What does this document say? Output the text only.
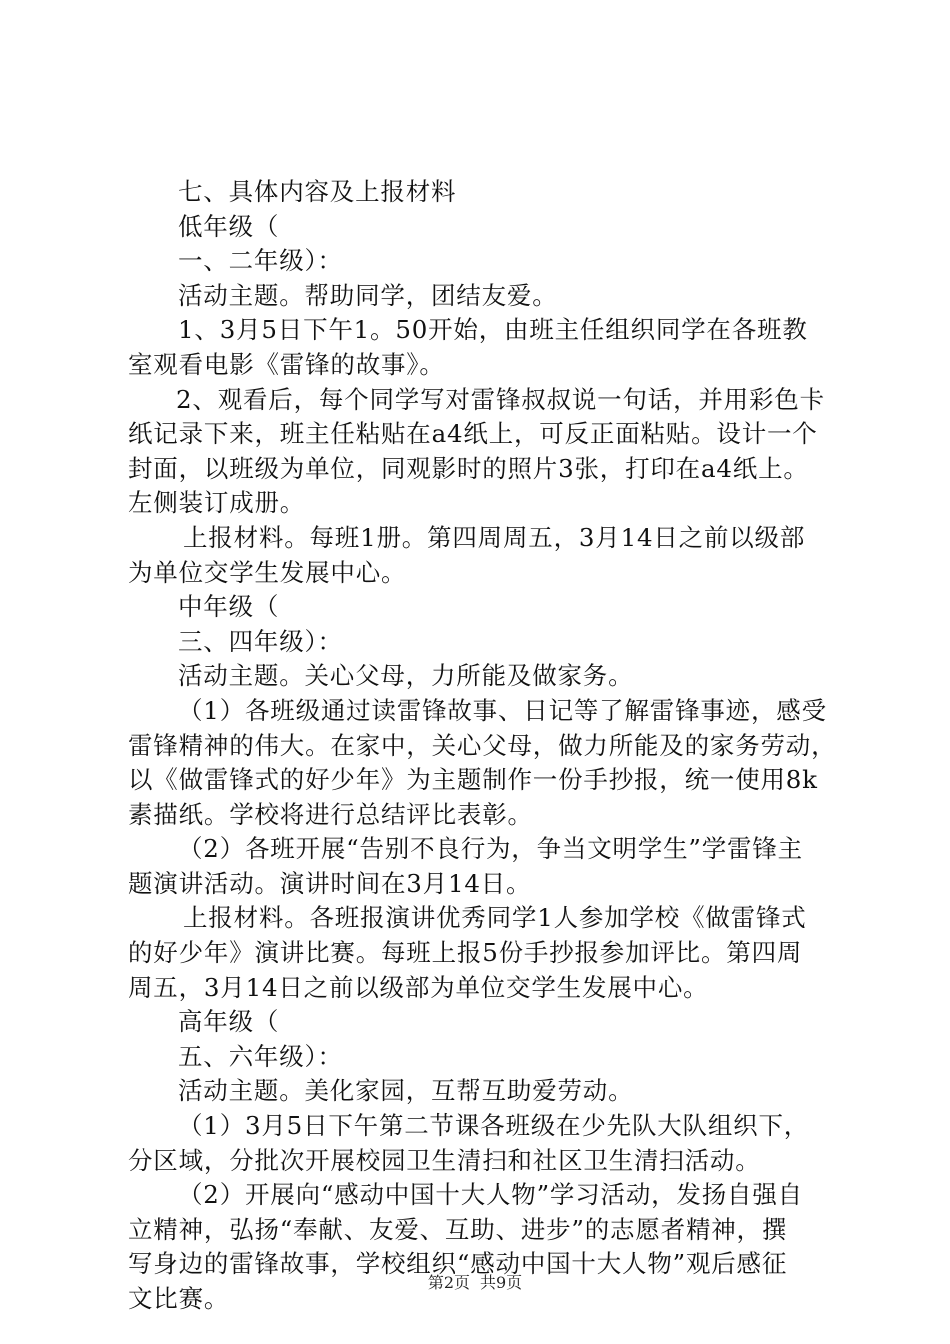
七、具体内容及上报材料
低年级（
一、二年级）：
活动主题。帮助同学，团结友爱。
1、3月5日下午1。50开始，由班主任组织同学在各班教
室观看电影《雷锋的故事》。
2、观看后，每个同学写对雷锋叔叔说一句话，并用彩色卡
纸记录下来，班主任粘贴在a4纸上，可反正面粘贴。设计一个
封面，以班级为单位，同观影时的照片3张，打印在a4纸上。
左侧装订成册。
上报材料。每班1册。第四周周五，3月14日之前以级部
为单位交学生发展中心。
中年级（
三、四年级）：
活动主题。关心父母，力所能及做家务。
（1）各班级通过读雷锋故事、日记等了解雷锋事迹，感受
雷锋精神的伟大。在家中，关心父母，做力所能及的家务劳动，
以《做雷锋式的好少年》为主题制作一份手抄报，统一使用8k
素描纸。学校将进行总结评比表彰。
（2）各班开展“告别不良行为，争当文明学生”学雷锋主
题演讲活动。演讲时间在3月14日。
上报材料。各班报演讲优秀同学1人参加学校《做雷锋式
的好少年》演讲比赛。每班上报5份手抄报参加评比。第四周
周五，3月14日之前以级部为单位交学生发展中心。
高年级（
五、六年级）：
活动主题。美化家园，互帮互助爱劳动。
（1）3月5日下午第二节课各班级在少先队大队组织下，
分区域，分批次开展校园卫生清扫和社区卫生清扫活动。
（2）开展向“感动中国十大人物”学习活动，发扬自强自
立精神，弘扬“奉献、友爱、互助、进步”的志愿者精神，撰
写身边的雷锋故事，学校组织“感动中国十大人物”观后感征
文比赛。
第2页 共9页
